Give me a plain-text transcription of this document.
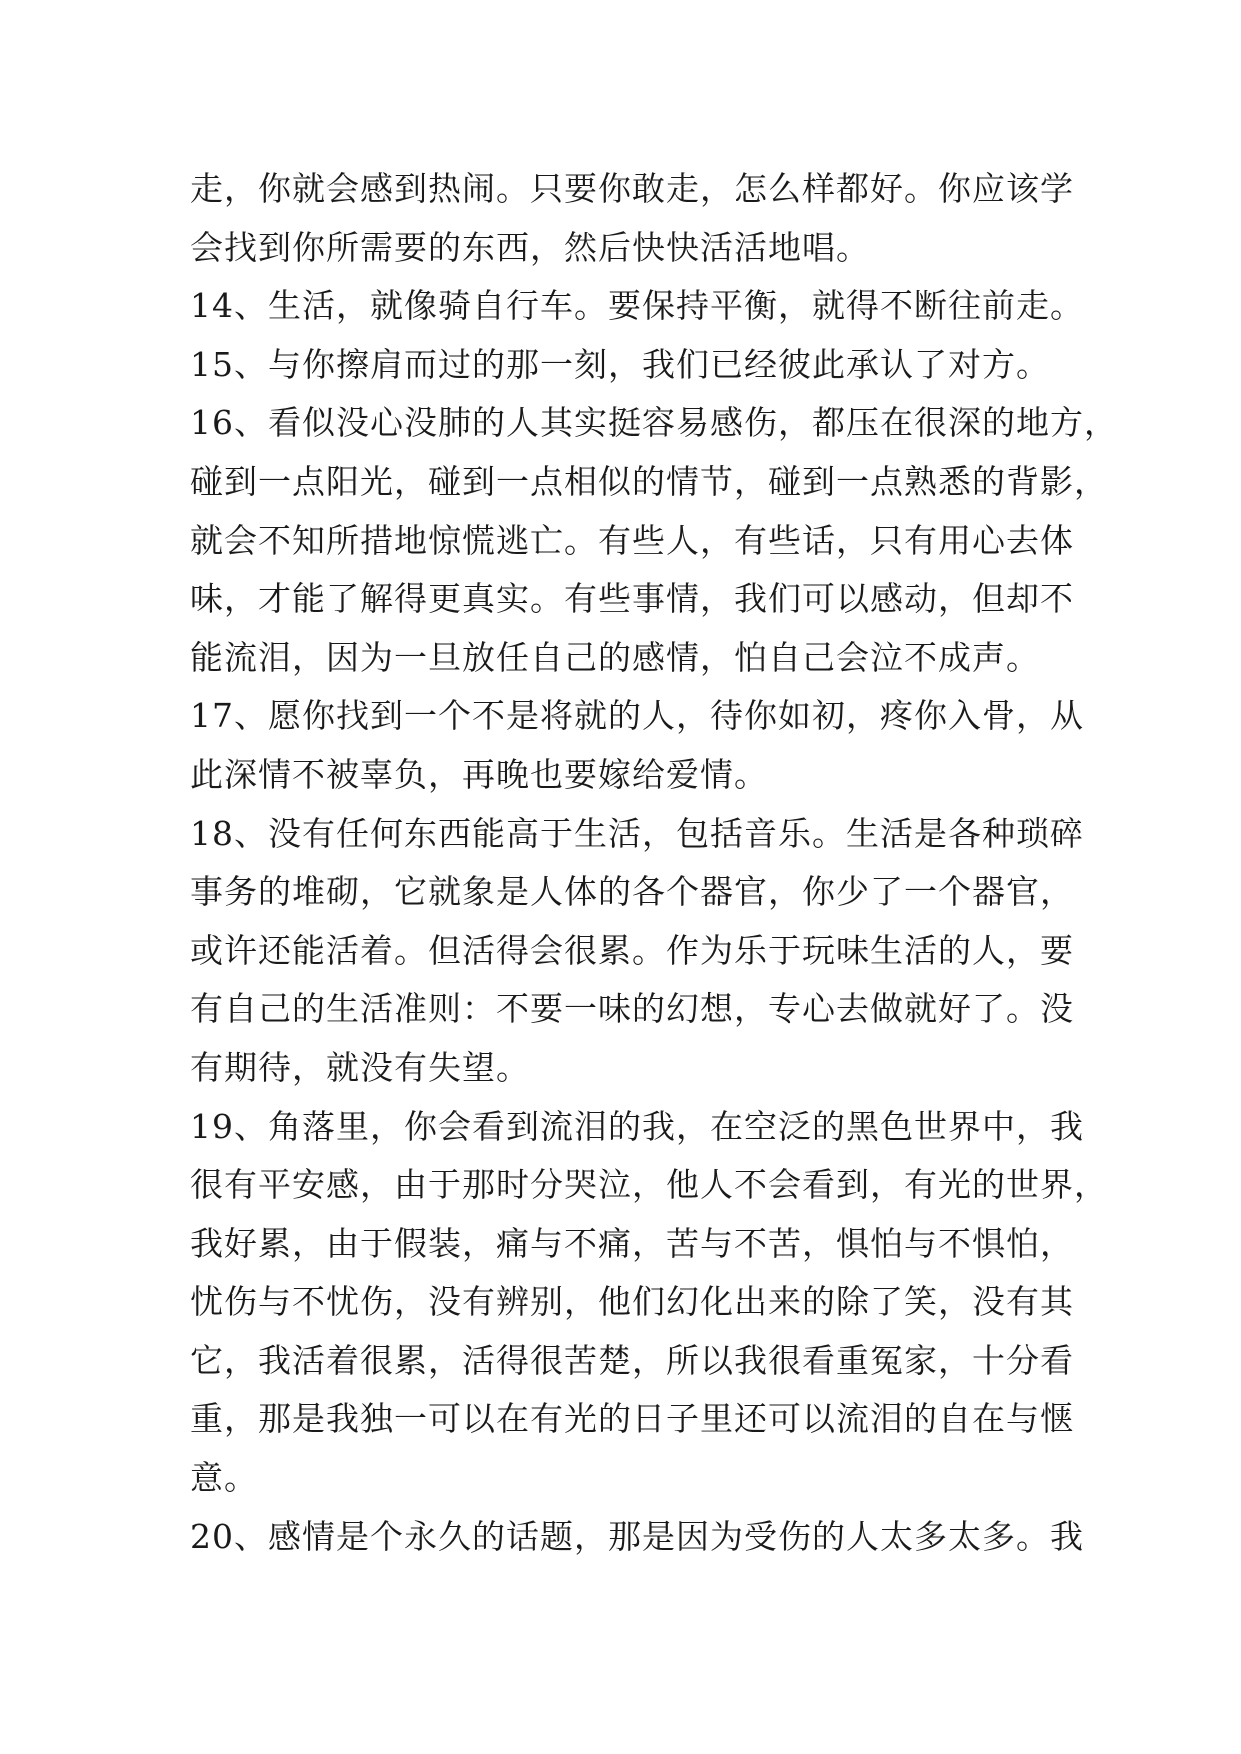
走，你就会感到热闹。只要你敢走，怎么样都好。你应该学
会找到你所需要的东西，然后快快活活地唱。
14、生活，就像骑自行车。要保持平衡，就得不断往前走。
15、与你擦肩而过的那一刻，我们已经彼此承认了对方。
16、看似没心没肺的人其实挺容易感伤，都压在很深的地方，
碰到一点阳光，碰到一点相似的情节，碰到一点熟悉的背影，
就会不知所措地惊慌逃亡。有些人，有些话，只有用心去体
味，才能了解得更真实。有些事情，我们可以感动，但却不
能流泪，因为一旦放任自己的感情，怕自己会泣不成声。
17、愿你找到一个不是将就的人，待你如初，疼你入骨，从
此深情不被辜负，再晚也要嫁给爱情。
18、没有任何东西能高于生活，包括音乐。生活是各种琐碎
事务的堆砌，它就象是人体的各个器官，你少了一个器官，
或许还能活着。但活得会很累。作为乐于玩味生活的人，要
有自己的生活准则：不要一味的幻想，专心去做就好了。没
有期待，就没有失望。
19、角落里，你会看到流泪的我，在空泛的黑色世界中，我
很有平安感，由于那时分哭泣，他人不会看到，有光的世界，
我好累，由于假装，痛与不痛，苦与不苦，惧怕与不惧怕，
忧伤与不忧伤，没有辨别，他们幻化出来的除了笑，没有其
它，我活着很累，活得很苦楚，所以我很看重冤家，十分看
重，那是我独一可以在有光的日子里还可以流泪的自在与惬
意。
20、感情是个永久的话题，那是因为受伤的人太多太多。我
